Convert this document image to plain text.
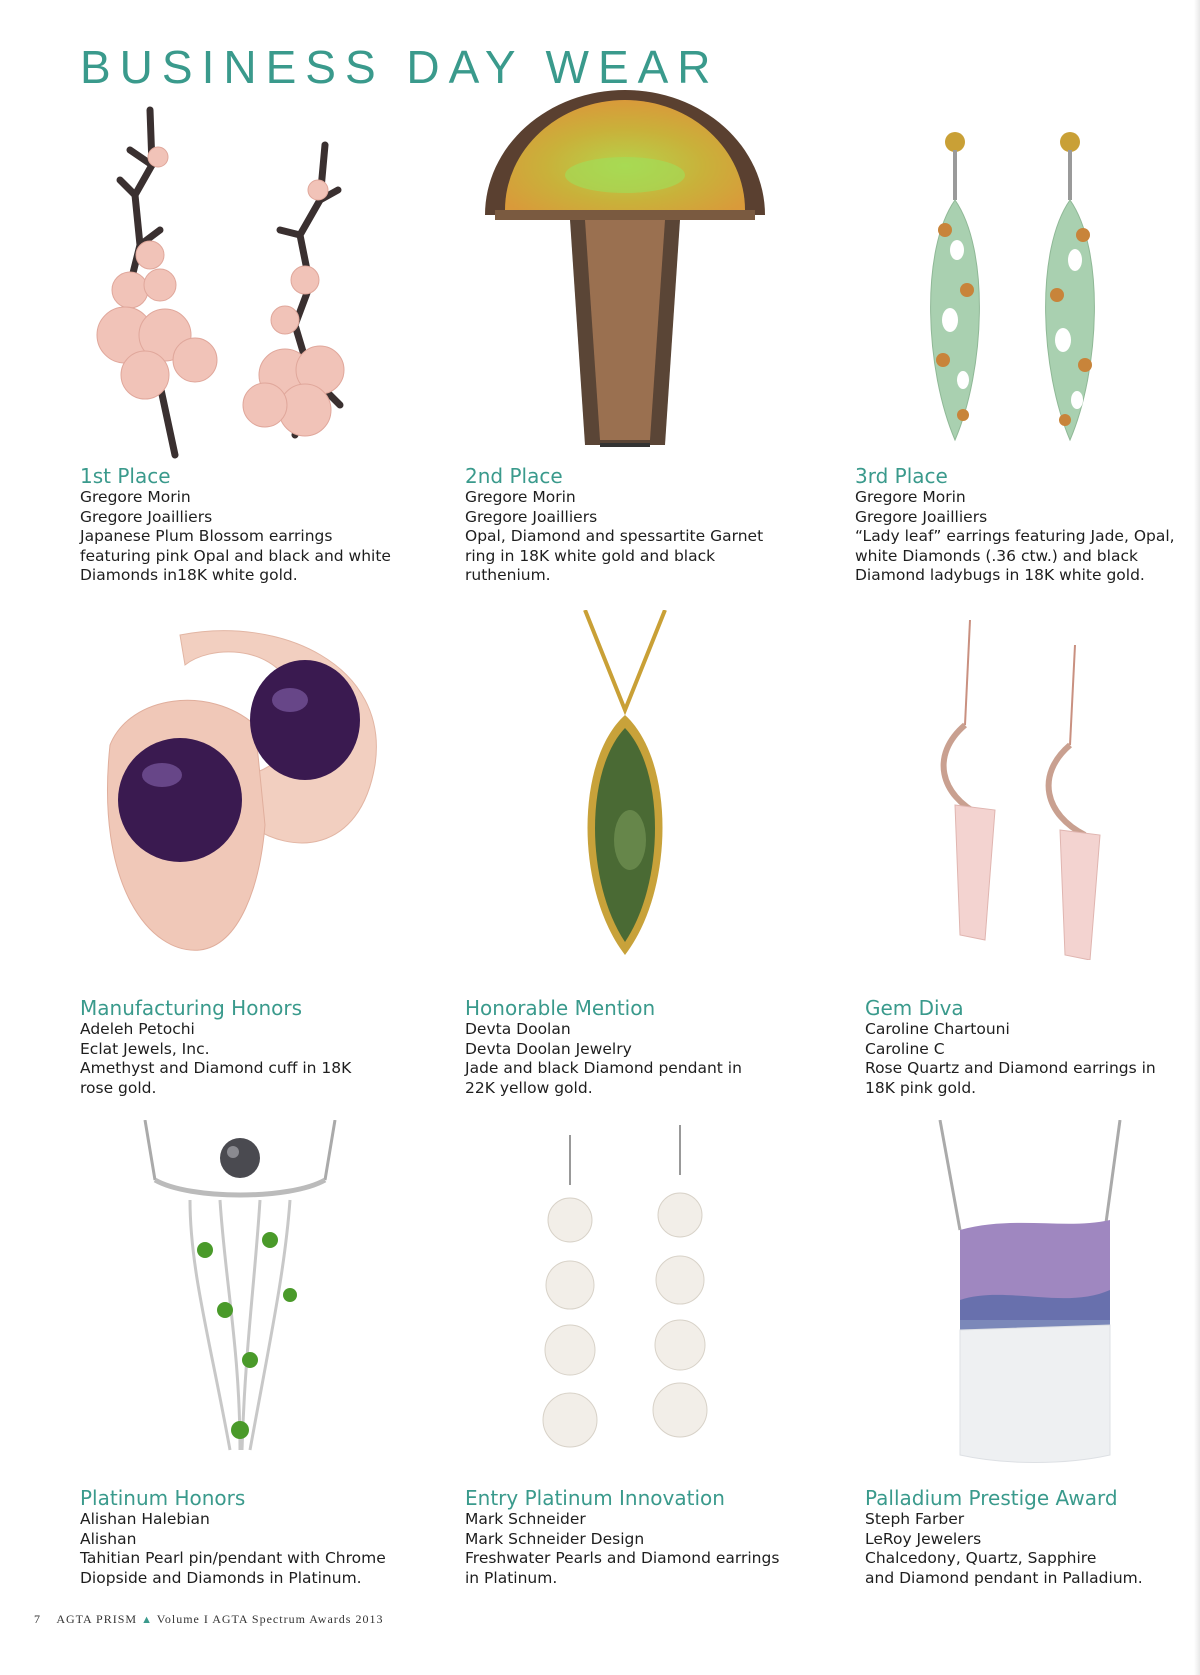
BUSINESS DAY WEAR
1st Place
Gregore Morin
Gregore Joailliers
Japanese Plum Blossom earrings
featuring pink Opal and black and white
Diamonds in18K white gold.
2nd Place
Gregore Morin
Gregore Joailliers
Opal, Diamond and spessartite Garnet
ring in 18K white gold and black
ruthenium.
3rd Place
Gregore Morin
Gregore Joailliers
“Lady leaf” earrings featuring Jade, Opal,
white Diamonds (.36 ctw.) and black
Diamond ladybugs in 18K white gold.
Manufacturing Honors
Adeleh Petochi
Eclat Jewels, Inc.
Amethyst and Diamond cuff in 18K
rose gold.
Honorable Mention
Devta Doolan
Devta Doolan Jewelry
Jade and black Diamond pendant in
22K yellow gold.
Gem Diva
Caroline Chartouni
Caroline C
Rose Quartz and Diamond earrings in
18K pink gold.
Platinum Honors
Alishan Halebian
Alishan
Tahitian Pearl pin/pendant with Chrome
Diopside and Diamonds in Platinum.
Entry Platinum Innovation
Mark Schneider
Mark Schneider Design
Freshwater Pearls and Diamond earrings
in Platinum.
Palladium Prestige Award
Steph Farber
LeRoy Jewelers
Chalcedony, Quartz, Sapphire
and Diamond pendant in Palladium.
7 AGTA PRISM ▲ Volume I AGTA Spectrum Awards 2013
